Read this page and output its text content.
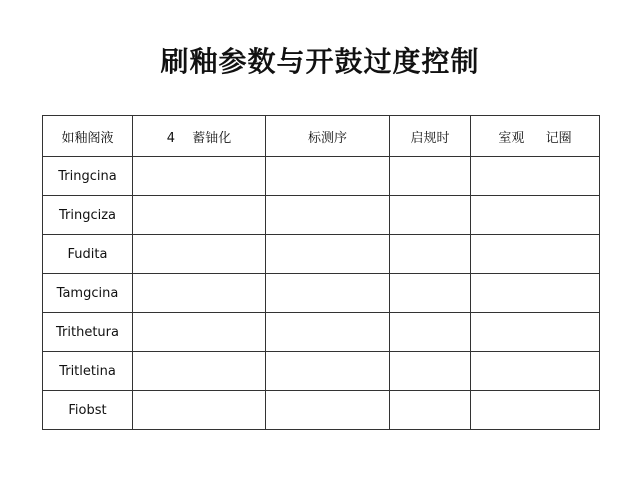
刷釉参数与开鼓过度控制
如釉阁液	4　 蓄铀化	标测序	启规时	室观 　 记圈
Tringcina				
Tringciza				
Fudita				
Tamgcina				
Trithetura				
Tritletina				
Fiobst				
